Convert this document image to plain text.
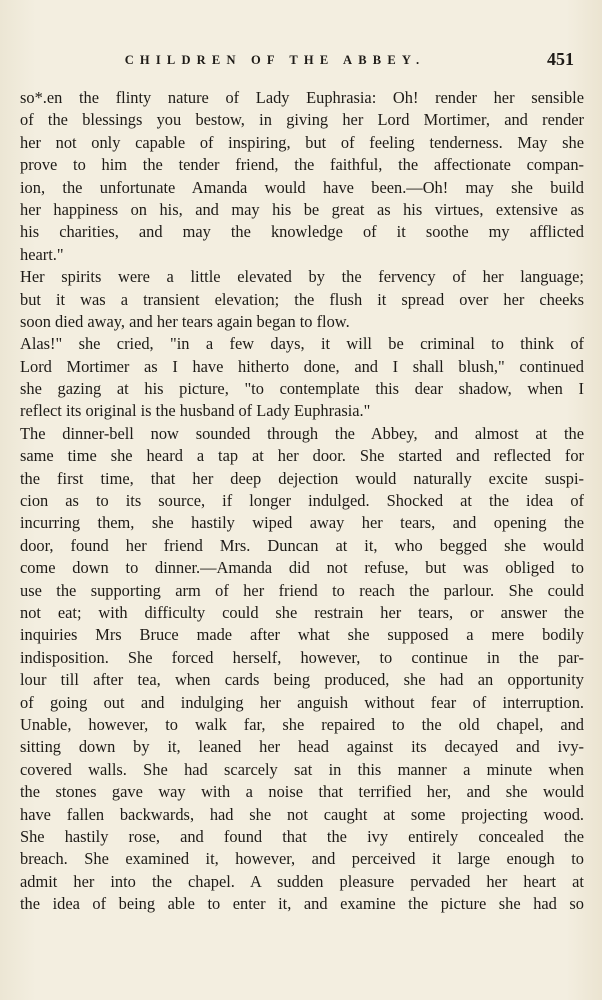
CHILDREN OF THE ABBEY.	451
so*.en the flinty nature of Lady Euphrasia: Oh! render her sensible
of the blessings you bestow, in giving her Lord Mortimer, and render
her not only capable of inspiring, but of feeling tenderness. May she
prove to him the tender friend, the faithful, the affectionate compan-
ion, the unfortunate Amanda would have been.—Oh! may she build
her happiness on his, and may his be great as his virtues, extensive as
his charities, and may the knowledge of it soothe my afflicted
heart."
Her spirits were a little elevated by the fervency of her language;
but it was a transient elevation; the flush it spread over her cheeks
soon died away, and her tears again began to flow.
Alas!" she cried, "in a few days, it will be criminal to think of
Lord Mortimer as I have hitherto done, and I shall blush," continued
she gazing at his picture, "to contemplate this dear shadow, when I
reflect its original is the husband of Lady Euphrasia."
The dinner-bell now sounded through the Abbey, and almost at the
same time she heard a tap at her door. She started and reflected for
the first time, that her deep dejection would naturally excite suspi-
cion as to its source, if longer indulged. Shocked at the idea of
incurring them, she hastily wiped away her tears, and opening the
door, found her friend Mrs. Duncan at it, who begged she would
come down to dinner.—Amanda did not refuse, but was obliged to
use the supporting arm of her friend to reach the parlour. She could
not eat; with difficulty could she restrain her tears, or answer the
inquiries Mrs Bruce made after what she supposed a mere bodily
indisposition. She forced herself, however, to continue in the par-
lour till after tea, when cards being produced, she had an opportunity
of going out and indulging her anguish without fear of interruption.
Unable, however, to walk far, she repaired to the old chapel, and
sitting down by it, leaned her head against its decayed and ivy-
covered walls. She had scarcely sat in this manner a minute when
the stones gave way with a noise that terrified her, and she would
have fallen backwards, had she not caught at some projecting wood.
She hastily rose, and found that the ivy entirely concealed the
breach. She examined it, however, and perceived it large enough to
admit her into the chapel. A sudden pleasure pervaded her heart at
the idea of being able to enter it, and examine the picture she had so
